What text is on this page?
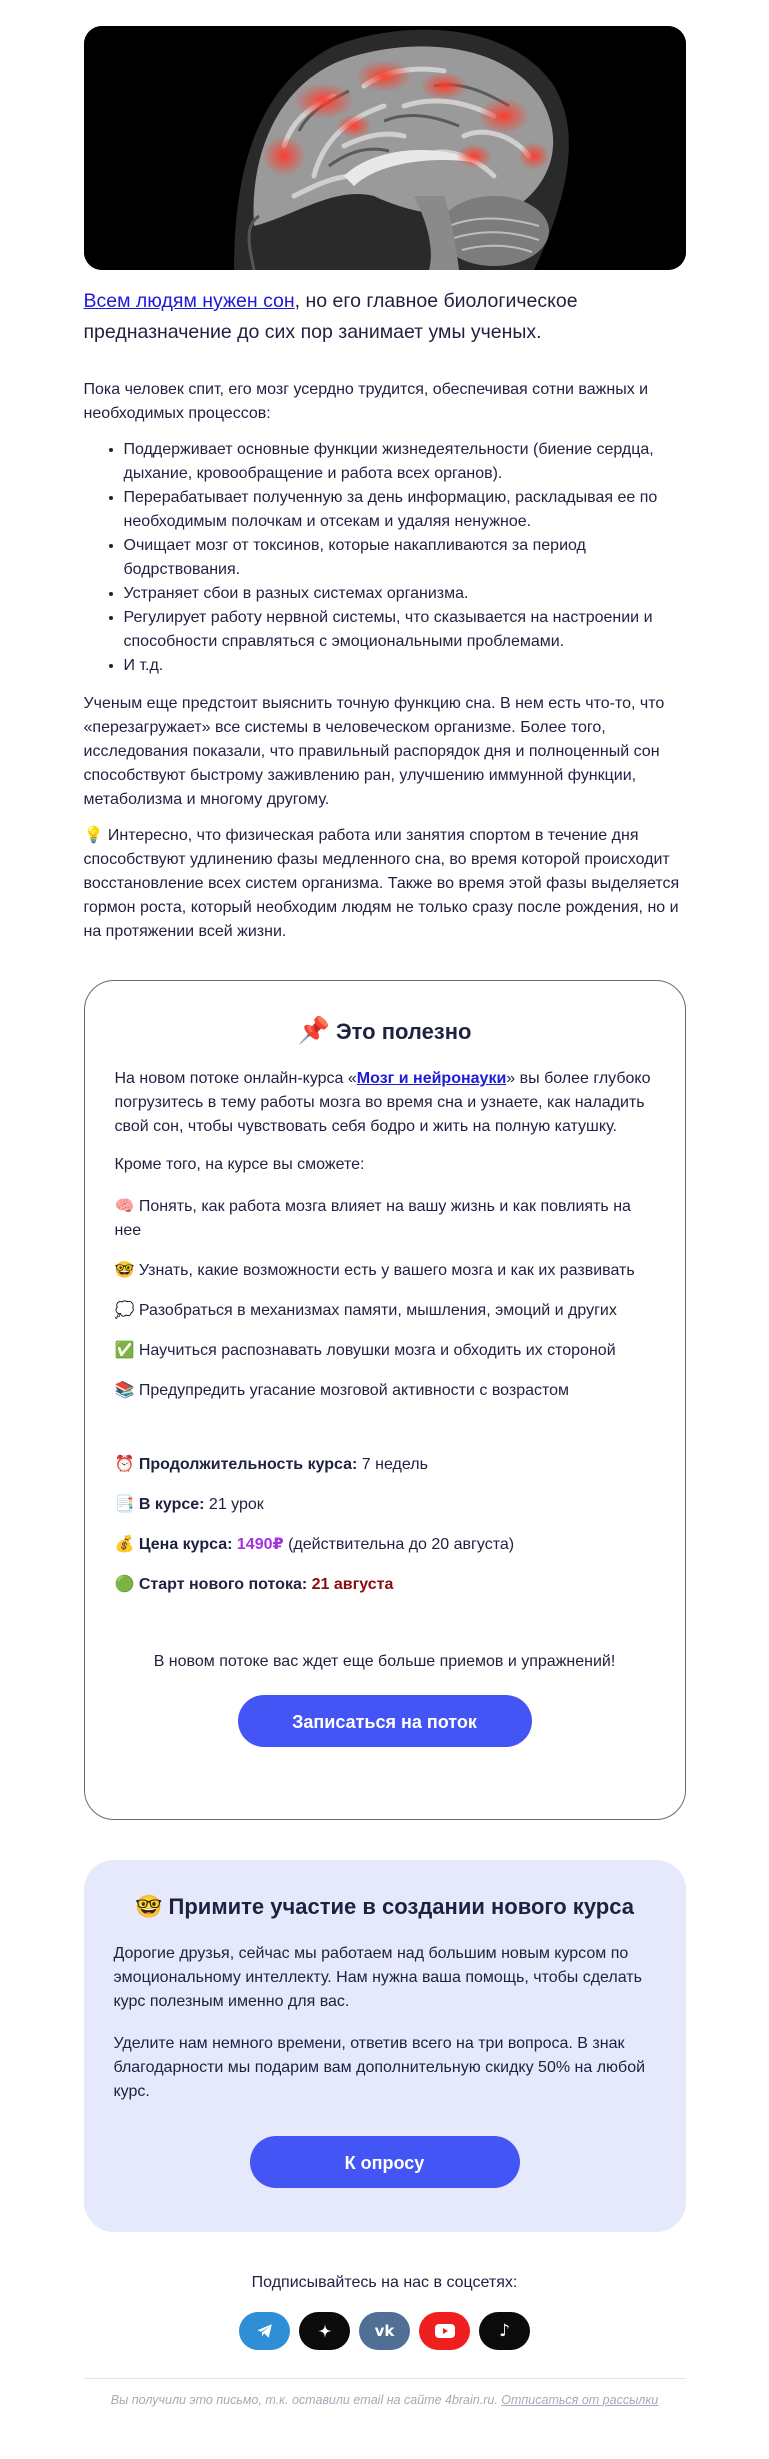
Всем людям нужен сон, но его главное биологическое предназначение до сих пор занимает умы ученых.

Пока человек спит, его мозг усердно трудится, обеспечивая сотни важных и необходимых процессов:

• Поддерживает основные функции жизнедеятельности (биение сердца, дыхание, кровообращение и работа всех органов).
• Перерабатывает полученную за день информацию, раскладывая ее по необходимым полочкам и отсекам и удаляя ненужное.
• Очищает мозг от токсинов, которые накапливаются за период бодрствования.
• Устраняет сбои в разных системах организма.
• Регулирует работу нервной системы, что сказывается на настроении и способности справляться с эмоциональными проблемами.
• И т.д.

Ученым еще предстоит выяснить точную функцию сна. В нем есть что-то, что «перезагружает» все системы в человеческом организме. Более того, исследования показали, что правильный распорядок дня и полноценный сон способствуют быстрому заживлению ран, улучшению иммунной функции, метаболизма и многому другому.

💡 Интересно, что физическая работа или занятия спортом в течение дня способствуют удлинению фазы медленного сна, во время которой происходит восстановление всех систем организма. Также во время этой фазы выделяется гормон роста, который необходим людям не только сразу после рождения, но и на протяжении всей жизни.

📌 Это полезно

На новом потоке онлайн-курса «Мозг и нейронауки» вы более глубоко погрузитесь в тему работы мозга во время сна и узнаете, как наладить свой сон, чтобы чувствовать себя бодро и жить на полную катушку.

Кроме того, на курсе вы сможете:

🧠 Понять, как работа мозга влияет на вашу жизнь и как повлиять на нее

🤓 Узнать, какие возможности есть у вашего мозга и как их развивать

💭 Разобраться в механизмах памяти, мышления, эмоций и других

✅ Научиться распознавать ловушки мозга и обходить их стороной

📚 Предупредить угасание мозговой активности с возрастом

⏰ Продолжительность курса: 7 недель

📑 В курсе: 21 урок

💰 Цена курса: 1490₽ (действительна до 20 августа)

🟢 Старт нового потока: 21 августа

В новом потоке вас ждет еще больше приемов и упражнений!

Записаться на поток
🤓 Примите участие в создании нового курса

Дорогие друзья, сейчас мы работаем над большим новым курсом по эмоциональному интеллекту. Нам нужна ваша помощь, чтобы сделать курс полезным именно для вас.

Уделите нам немного времени, ответив всего на три вопроса. В знак благодарности мы подарим вам дополнительную скидку 50% на любой курс.

К опросу

Подписывайтесь на нас в соцсетях:

vk	♪

Вы получили это письмо, т.к. оставили email на сайте 4brain.ru. Отписаться от рассылки
